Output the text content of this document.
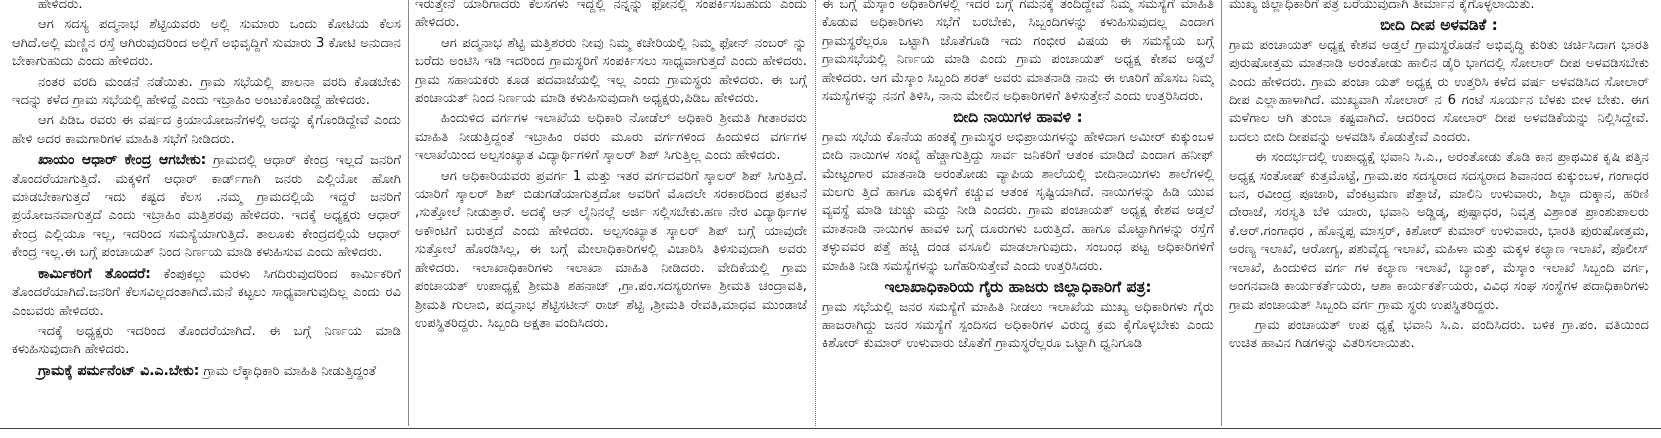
ಹೇಳಿದರು.

ಆಗ ಸದಸ್ಯ ಪದ್ಮನಾಭ ಶೆಟ್ಟಿಯವರು ಅಲ್ಲಿ ಸುಮಾರು ಒಂದು ಕೋಟಿಯ ಕೆಲಸ ಆಗಿದೆ.ಅಲ್ಲಿ ಮಣ್ಣಿನ ರಸ್ತೆ ಆಗಿರುವುದರಿಂದ ಅಲ್ಲಿಗೆ ಅಭಿವೃದ್ದಿಗೆ ಸುಮಾರು 3 ಕೋಟಿ ಅನುದಾನ ಬೇಕಾಗುಹುದು ಎಂದು ಹೇಳಿದರು.

ನಂತರ ವರದಿ ಮಂಡನೆ ನಡೆಯಿತು. ಗ್ರಾಮ ಸಭೆಯಲ್ಲಿ ಪಾಲನಾ ವರದಿ ಕೊಡಬೇಕು ಇದನ್ನು ಕಳೆದ ಗ್ರಾಮ ಸಭೆಯಲ್ಲಿ ಹೇಳಿದ್ದೆ ಎಂದು ಇಬ್ರಾಹಿಂ ಅಂಟುಕೊಂಡಿದ್ದೆ ಹೇಳಿದರು.

ಆಗ ಪಿಡಿಒ ರವರು ಈ ವರ್ಷದ ಕ್ರಿಯಾಯೋಜನೆಗಳಲ್ಲಿ ಅದನ್ನು ಕೈಗೊಂಡಿದ್ದೇವೆ ಎಂದು ಹೇಳಿ ಅದರ ಕಾಮಗಾರಿಗಳ ಮಾಹಿತಿ ಸಭೆಗೆ ನೀಡಿದರು.

ಖಾಯಂ ಆಧಾರ್ ಕೇಂದ್ರ ಆಗಬೇಕು: ಗ್ರಾಮದಲ್ಲಿ ಆಧಾರ್ ಕೇಂದ್ರ ಇಲ್ಲದೆ ಜನರಿಗೆ ತೊಂದರೆಯಾಗುತ್ತಿದೆ. ಮಕ್ಕಳಿಗೆ ಆಧಾರ್ ಕಾರ್ಡ್‌ಗಾಗಿ ಜನರು ಎಲ್ಲಿಯೋ ಹೋಗಿ ಮಾಡಬೇಕಾಗುತ್ತದೆ ಇದು ಕಷ್ಟದ ಕೆಲಸ .ನಮ್ಮ ಗ್ರಾಮದಲ್ಲಿಯೆ ಇದ್ದರೆ ಜನರಿಗೆ ಪ್ರಯೋಜನವಾಗುತ್ತದೆ ಎಂದು ಇಬ್ರಾಹಿಂ ಮತ್ತಿಶರವು ಹೇಳಿದರು. ಇದಕ್ಕೆ ಅಧ್ಯಕ್ಷರು ಆಧಾರ್ ಕೇಂದ್ರ ಎಲ್ಲಿಯೂ ಇಲ್ಲ, ಇದರಿಂದ ಸಮಸ್ಯೆಯಾಗುತ್ತಿದೆ. ತಾಲೂಕು ಕೇಂದ್ರದಲ್ಲಿಯೆ ಆಧಾರ್ ಕೇಂದ್ರ ಇಲ್ಲ.ಈ ಬಗ್ಗೆ ಪಂಚಾಯತ್ ನಿಂದ ನಿರ್ಣಯ ಮಾಡಿ ಕಳುಹಿಸುವ ಎಂದು ಹೇಳಿದರು.

ಕಾರ್ಮಿಕರಿಗೆ ತೊಂದರೆ: ಕೆಂಪುಕಲ್ಲು ಮರಳು ಸಿಗದಿರುವುದರಿಂದ ಕಾರ್ಮಿಕರಿಗೆ ತೊಂದರೆಯಾಗಿದೆ.ಜನರಿಗೆ ಕೆಲಸವಿಲ್ಲದಂತಾಗಿದೆ.ಮನೆ ಕಟ್ಟಲು ಸಾಧ್ಯವಾಗುವುದಿಲ್ಲ ಎಂದು ರವಿ ಎಂಬವರು ಹೇಳಿದರು.

ಇದಕ್ಕೆ ಅಧ್ಯಕ್ಷರು ಇದರಿಂದ ತೊಂದರೆಯಾಗಿದೆ. ಈ ಬಗ್ಗೆ ನಿರ್ಣಯ ಮಾಡಿ ಕಳುಹಿಸುವುದಾಗಿ ಹೇಳಿದರು.

ಗ್ರಾಮಕ್ಕೆ ಪರ್ಮನೆಂಟ್ ವಿ.ಎ.ಬೇಕು: ಗ್ರಾಮ ಲೆಕ್ಕಾಧಿಕಾರಿ ಮಾಹಿತಿ ನೀಡುತ್ತಿದ್ದಂತೆ

ಇರುತ್ತೇನೆ ಯಾರಿಗಾದರು ಕೆಲಸಗಳು ಇದ್ದಲ್ಲಿ ನನ್ನನ್ನು ಫೋನಲ್ಲಿ ಸಂಪರ್ಕಿಸಬಹುದು ಎಂದು ಹೇಳಿದರು.

ಆಗ ಪದ್ಮನಾಭ ಶೆಟ್ಟಿ ಮತ್ತಿಶರರು ನೀವು ನಿಮ್ಮ ಕಚೇರಿಯಲ್ಲಿ ನಿಮ್ಮ ಫೋನ್ ನಂಬರ್ ನ್ನು ಬರೆದು ಅಂಟಿಸಿ ಇಡಿ ಇದರಿಂದ ಗ್ರಾಮಸ್ಥರಿಗೆ ಸಂಪರ್ಕಿಸಲು ಸಾಧ್ಯವಾಗುತ್ತದೆ ಎಂದು ಹೇಳಿದರು. ಗ್ರಾಮ ಸಹಾಯಕರು ಕೂಡ ಪದವಾಜೆಯಲ್ಲಿ ಇಲ್ಲ ಎಂದು ಗ್ರಾಮಸ್ಥರು ಹೇಳಿದರು. ಈ ಬಗ್ಗೆ ಪಂಚಾಯತ್ ನಿಂದ ನಿರ್ಣಯ ಮಾಡಿ ಕಳುಹಿಸುವುದಾಗಿ ಅಧ್ಯಕ್ಷರು,ಪಿಡಿಒ ಹೇಳಿದರು.

ಹಿಂದುಳಿದ ವರ್ಗಗಳ ಇಲಾಖೆಯ ಅಧಿಕಾರಿ ನೋಡೆಲ್ ಅಧಿಕಾರಿ ಶ್ರೀಮತಿ ಗೀತಾರವರು ಮಾಹಿತಿ ನೀಡುತ್ತಿದ್ದಂತೆ ಇಬ್ರಾಹಿಂ ರವರು ಮೂರು ವರ್ಗಗಳಿಂದ ಹಿಂದುಳಿದ ವರ್ಗಗಳ ಇಲಾಖೆಯಿಂದ ಅಲ್ಪಸಂಖ್ಯಾತ ವಿದ್ಯಾರ್ಥಿಗಳಿಗೆ ಸ್ಕಾಲರ್ ಶಿಪ್ ಸಿಗುತ್ತಿಲ್ಲ ಎಂದು ಹೇಳಿದರು.

ಆಗ ಅಧಿಕಾರಿಯವರು ಪ್ರವರ್ಗ 1 ಮತ್ತು ಇತರ ವರ್ಗದವರಿಗೆ ಸ್ಕಾಲರ್ ಶಿಪ್ ಸಿಗುತ್ತಿದೆ. ಯಾರಿಗೆ ಸ್ಕಾಲರ್ ಶಿಪ್ ಬಿಡುಗಡೆಯಾಗುತ್ತದೋ ಅವರಿಗೆ ಮೊದಲೇ ಸರಕಾರದಿಂದ ಪ್ರಕಟನೆ ,ಸುತ್ತೋಲೆ ನೀಡುತ್ತಾರೆ. ಅದಕ್ಕೆ ಆನ್ ಲೈನಿನಲ್ಲೆ ಅರ್ಜಿ ಸಲ್ಲಿಸಬೇಕು.ಹಣ ನೇರ ವಿದ್ಯಾರ್ಥಿಗಳ ಅಕೌಂಟಿಗೆ ಬರುತ್ತದೆ ಎಂದು ಹೇಳಿದರು. ಅಲ್ಪಸಂಖ್ಯಾತ ಸ್ಕಾಲರ್ ಶಿಪ್ ಬಗ್ಗೆ ಯಾವುದೇ ಸುತ್ತೋಲೆ ಹೊರಡಿಸಿಲ್ಲ, ಈ ಬಗ್ಗೆ ಮೇಲಾಧಿಕಾರಿಗಳಲ್ಲಿ ವಿಚಾರಿಸಿ ತಿಳಿಸುವುದಾಗಿ ಅವರು ಹೇಳಿದರು. ಇಲಾಖಾಧಿಕಾರಿಗಳು ಇಲಾಖಾ ಮಾಹಿತಿ ನೀಡಿದರು. ವೇದಿಕೆಯಲ್ಲಿ ಗ್ರಾಮ ಪಂಚಾಯತ್ ಉಪಾಧ್ಯಕ್ಷೆ ಶ್ರೀಮತಿ ಶಹನಾಜ್ ,ಗ್ರಾ.ಪಂ.ಸದಸ್ಯರುಗಳಾ ಶ್ರೀಮತಿ ಚಂದ್ರಾವತಿ, ಶ್ರೀಮತಿ ಗುಲಾಬಿ, ಪದ್ಮನಾಭ ಶೆಟ್ಟಿಸಟೀನ್ ರಾಜ್ ಶೆಟ್ಟಿ ,ಶ್ರೀಮತಿ ರೇವತಿ,ಮಾಧವ ಮುಂಡಾಜೆ ಉಪಸ್ಥಿತರಿದ್ದರು. ಸಿಬ್ಬಂದಿ ಅಕ್ಷತಾ ವಂದಿಸಿದರು.

ಈ ಬಗ್ಗೆ ಮೆಸ್ಕಾಂ ಅಧಿಕಾರಿಗಳಲ್ಲಿ ಇದರ ಬಗ್ಗೆ ಗಮನಕ್ಕೆ ತಂದಿದ್ದೇವೆ ನಿಮ್ಮ ಸಮಸ್ಯೆಗೆ ಮಾಹಿತಿ ಕೊಡುವ ಅಧಿಕಾರಿಗಳು ಸಭೆಗೆ ಬರಬೇಕು, ಸಿಬ್ಬಂದಿಗಳನ್ನು ಕಳುಹಿಸುವುದಲ್ಲ ಎಂದಾಗ ಗ್ರಾಮಸ್ಥರೆಲ್ಲರೂ ಒಟ್ಟಾಗಿ ಜೊತೆಗೂಡಿ ಇದು ಗಂಭೀರ ವಿಷಯ ಈ ಸಮಸ್ಯೆಯ ಬಗ್ಗೆ ಗ್ರಾಮಸಭೆಯಲ್ಲಿ ನಿರ್ಣಯ ಮಾಡಿ ಎಂದು ಗ್ರಾಮ ಪಂಚಾಯತ್ ಅಧ್ಯಕ್ಷ ಕೇಶವ ಅಡ್ಡಲೆ ಹೇಳಿದರು. ಆಗ ಮೆಸ್ಕಾಂ ಸಿಬ್ಬಂದಿ ಶರತ್ ಅವರು ಮಾತನಾಡಿ ನಾನು ಈ ಊರಿಗೆ ಹೊಸಬ ನಿಮ್ಮ ಸಮಸ್ಯೆಗಳನ್ನು ನನಗೆ ತಿಳಿಸಿ, ನಾನು ಮೇಲಿನ ಅಧಿಕಾರಿಗಳಿಗೆ ತಿಳಿಸುತ್ತೇನೆ ಎಂದು ಉತ್ತರಿಸಿದರು.

ಬೀದಿ ನಾಯಿಗಳ ಹಾವಳಿ :
ಗ್ರಾಮ ಸಭೆಯ ಕೊನೆಯ ಹಂತಕ್ಕೆ ಗ್ರಾಮಸ್ಥರ ಅಭಿಪ್ರಾಯಗಳನ್ನು ಹೇಳಿದಾಗ ಅಮೀರ್ ಕುಕ್ಕುಂಬಳ ಬೀದಿ ನಾಯಿಗಳ ಸಂಖ್ಯೆ ಹೆಚ್ಚಾಗುತ್ತಿದ್ದು ಸಾರ್ವ ಜನಿಕರಿಗೆ ಆತಂಕ ಮಾಡಿದೆ ಎಂದಾಗ ಹನೀಫ್ ಮೇಟ್ಟಂಗಾರ ಮಾತನಾಡಿ ಅರಂತೋಡು ವ್ಯಾಪಿಯ ಶಾಲೆಯಲ್ಲಿ ಬೀದಿನಾಯಿಗಳು ಶಾಲೆಗಳಲ್ಲಿ ಮಲಗು ತ್ತಿದೆ ಹಾಗೂ ಮಕ್ಕಳಿಗೆ ಕಚ್ಚುವ ಆತಂಕ ಸೃಷ್ಟಿಯಾಗಿದೆ. ನಾಯಿಗಳನ್ನು ಹಿಡಿ ಯುವ ವ್ಯವಸ್ಥೆ ಮಾಡಿ ಚುಚ್ಚು ಮದ್ದು ನೀಡಿ ಎಂದರು. ಗ್ರಾಮ ಪಂಚಾಯತ್ ಅಧ್ಯಕ್ಷ ಕೇಶವ ಅಡ್ತಲೆ ಮಾತನಾಡಿ ನಾಯಿಗಳ ಹಾವಳಿ ಬಗ್ಗೆ ದೂರುಗಳು ಬರುತ್ತಿದೆ. ಹಾಗೂ ಮೊಟ್ಟಾಗಿಗಳನ್ನು ರಸ್ತೆಗೆ ತಳ್ಳುವವರ ಪತ್ತೆ ಹಚ್ಚಿ ದಂಡ ವಸೂಲಿ ಮಾಡಲಾಗುವುದು. ಸಂಬಂಧ ಪಟ್ಟ ಅಧಿಕಾರಿಗಳಿಗೆ ಮಾಹಿತಿ ನೀಡಿ ಸಮಸ್ಯೆಗಳನ್ನು ಬಗೆಹರಿಸುತ್ತೇವೆ ಎಂದು ಉತ್ತರಿಸಿದರು.

ಇಲಾಖಾಧಿಕಾರಿಯ ಗೈರು ಹಾಜರು ಜಿಲ್ಲಾಧಿಕಾರಿಗೆ ಪತ್ರ:
ಗ್ರಾಮ ಸಭೆಯಲ್ಲಿ ಜನರ ಸಮಸ್ಯೆಗೆ ಮಾಹಿತಿ ನೀಡಲು ಇಲಾಖೆಯ ಮುಖ್ಯ ಅಧಿಕಾರಿಗಳು ಗೈರು ಹಾಜರಾಗಿದ್ದು ಜನರ ಸಮಸ್ಯೆಗೆ ಸ್ಪಂದಿಸದ ಅಧಿಕಾರಿಗಳ ವಿರುದ್ಧ ಕ್ರಮ ಕೈಗೊಳ್ಳಬೇಕು ಎಂದು ಕಿಶೋರ್ ಕುಮಾರ್ ಉಳುವಾರು ಜೊತೆಗೆ ಗ್ರಾಮಸ್ಥರೆಲ್ಲರೂ ಒಟ್ಟಾಗಿ ಧ್ವನಿಗೂಡಿ

ಮುಖ್ಯ ಜಿಲ್ಲಾಧಿಕಾರಿಗೆ ಪತ್ರ ಬರೆಯುವುದಾಗಿ ತೀರ್ಮಾನ ಕೈಗೊಳ್ಳಲಾಯಿತು.

ಬೀದಿ ದೀಪ ಅಳವಡಿಕೆ :
ಗ್ರಾಮ ಪಂಚಾಯತ್ ಅಧ್ಯಕ್ಷ ಕೇಶವ ಅಡ್ತಲೆ ಗ್ರಾಮಸ್ಥರೊಡನೆ ಅಭಿವೃದ್ಧಿ ಕುರಿತು ಚರ್ಚಿಸಿದಾಗ ಭಾರತಿ ಪುರುಷೋತ್ತಮ ಮಾತನಾಡಿ ಅರಂತೋಡು ಹಾಲಿನ ಡೈರಿ ಭಾಗದಲ್ಲಿ ಸೋಲಾರ್ ದೀಪ ಅಳವಡಿಸಬೇಕು ಎಂದು ಹೇಳಿದರು. ಗ್ರಾಮ ಪಂಚಾ ಯತ್ ಅಧ್ಯಕ್ಷ ರು ಉತ್ತರಿಸಿ ಕಳೆದ ವರ್ಷ ಅಳವಡಿಸಿದ ಸೋಲಾರ್ ದೀಪ ಎಲ್ಲಾಹಾಳಾಗಿದೆ. ಮುಖ್ಯವಾಗಿ ಸೋಲಾರ್ ನ 6 ಗಂಟೆ ಸೂರ್ಯನ ಬೆಳಕು ಬೀಳ ಬೇಕು. ಈಗ ಮಳೆಗಾಲ ಆಗಿ ತುಂಬಾ ಕಷ್ಟವಾಗಿದೆ. ಆದರಿಂದ ಸೋಲಾರ್ ದೀಪ ಅಳವಡಿಕೆಯನ್ನು ನಿಲ್ಲಿಸಿದ್ದೇವೆ. ಬದಲು ಬೀದಿ ದೀಪವನ್ನು ಅಳವಡಿಸಿ ಕೊಡುತ್ತೇವೆ ಎಂದರು.

ಈ ಸಂದರ್ಭದಲ್ಲಿ ಉಪಾಧ್ಯಕ್ಷೆ ಭವಾನಿ ಸಿ.ಎ., ಅರಂತೋಡು ತೊಡಿ ಕಾನ ಪ್ರಾಥಮಿಕ ಕೃಷಿ ಪತ್ತಿನ ಅಧ್ಯಕ್ಷ ಸಂತೋಷ್ ಕುತ್ತಮೊಟ್ಟೆ, ಗ್ರಾಮ.ಪಂ ಸದಸ್ಯರಾದ ಸದಸ್ಯರಾದ ಶಿವಾನಂದ ಕುಕ್ಕುಂಬಳ, ಗಂಗಾಧರ ಬನ, ರವೀಂದ್ರ ಪೂಜಾರಿ, ವೆಂಕಟ್ರಮಣ ಪೆತ್ತಾಜೆ, ಮಾಲಿನಿ ಉಳುವಾರು, ಶಿಲ್ಪಾ ದುಕ್ಕಾನ, ಹರಿಣಿ ದೇರಾಜೆ, ಸರಸ್ವತಿ ಬೆಳಿ ಯಾರು, ಭವಾನಿ ಅಡ್ಡಿಡ್ಕ, ಪುಷ್ಪಾಧರ, ನಿವೃತ್ತ ವಿಶ್ರಾಂತ ಪ್ರಾಂಶುಪಾಲರು ಕೆ.ಆರ್.ಗಂಗಾಧರ , ಹೊನ್ನಪ್ಪ ಮಾಸ್ತರ್, ಕಿಶೋರ್ ಕುಮಾರ್ ಉಳುವಾರು, ಭಾರತಿ ಪುರುಷೋತ್ತಮ, ಅರಣ್ಯ ಇಲಾಖೆ, ಆರೋಗ್ಯ, ಪಶುವೈದ್ಯ ಇಲಾಖೆ, ಮಹಿಳಾ ಮತ್ತು ಮಕ್ಕಳ ಕಲ್ಯಾಣ ಇಲಾಖೆ, ಪೊಲೀಸ್ ಇಲಾಖೆ, ಹಿಂದುಳಿದ ವರ್ಗ ಗಳ ಕಲ್ಯಾಣ ಇಲಾಖೆ, ಬ್ಯಾಂಕ್, ಮೆಸ್ಕಾಂ ಇಲಾಖೆ ಸಿಬ್ಬಂದಿ ವರ್ಗ, ಅಂಗನವಾಡಿ ಕಾರ್ಯಕರ್ತೆಯರು, ಆಶಾ ಕಾರ್ಯಕರ್ತೆಯರು, ವಿವಿಧ ಸಂಘ ಸಂಸ್ಥೆಗಳ ಪದಾಧಿಕಾರಿಗಳು ಗ್ರಾಮ ಪಂಚಾಯತ್ ಸಿಬ್ಬಂದಿ ವರ್ಗ ಗ್ರಾಮ ಸ್ಥರು ಉಪಸ್ಥಿತರಿದ್ದರು.

ಗ್ರಾಮ ಪಂಚಾಯತ್ ಉಪ ಧ್ಯಕ್ಷೆ ಭವಾನಿ ಸಿ.ಎ. ವಂದಿಸಿದರು. ಬಳಿಕ ಗ್ರಾ.ಪಂ. ವತಿಯಿಂದ ಉಚಿತ ಹಾವಿನ ಗಿಡಗಳನ್ನು ವಿತರಿಸಲಾಯಿತು.
